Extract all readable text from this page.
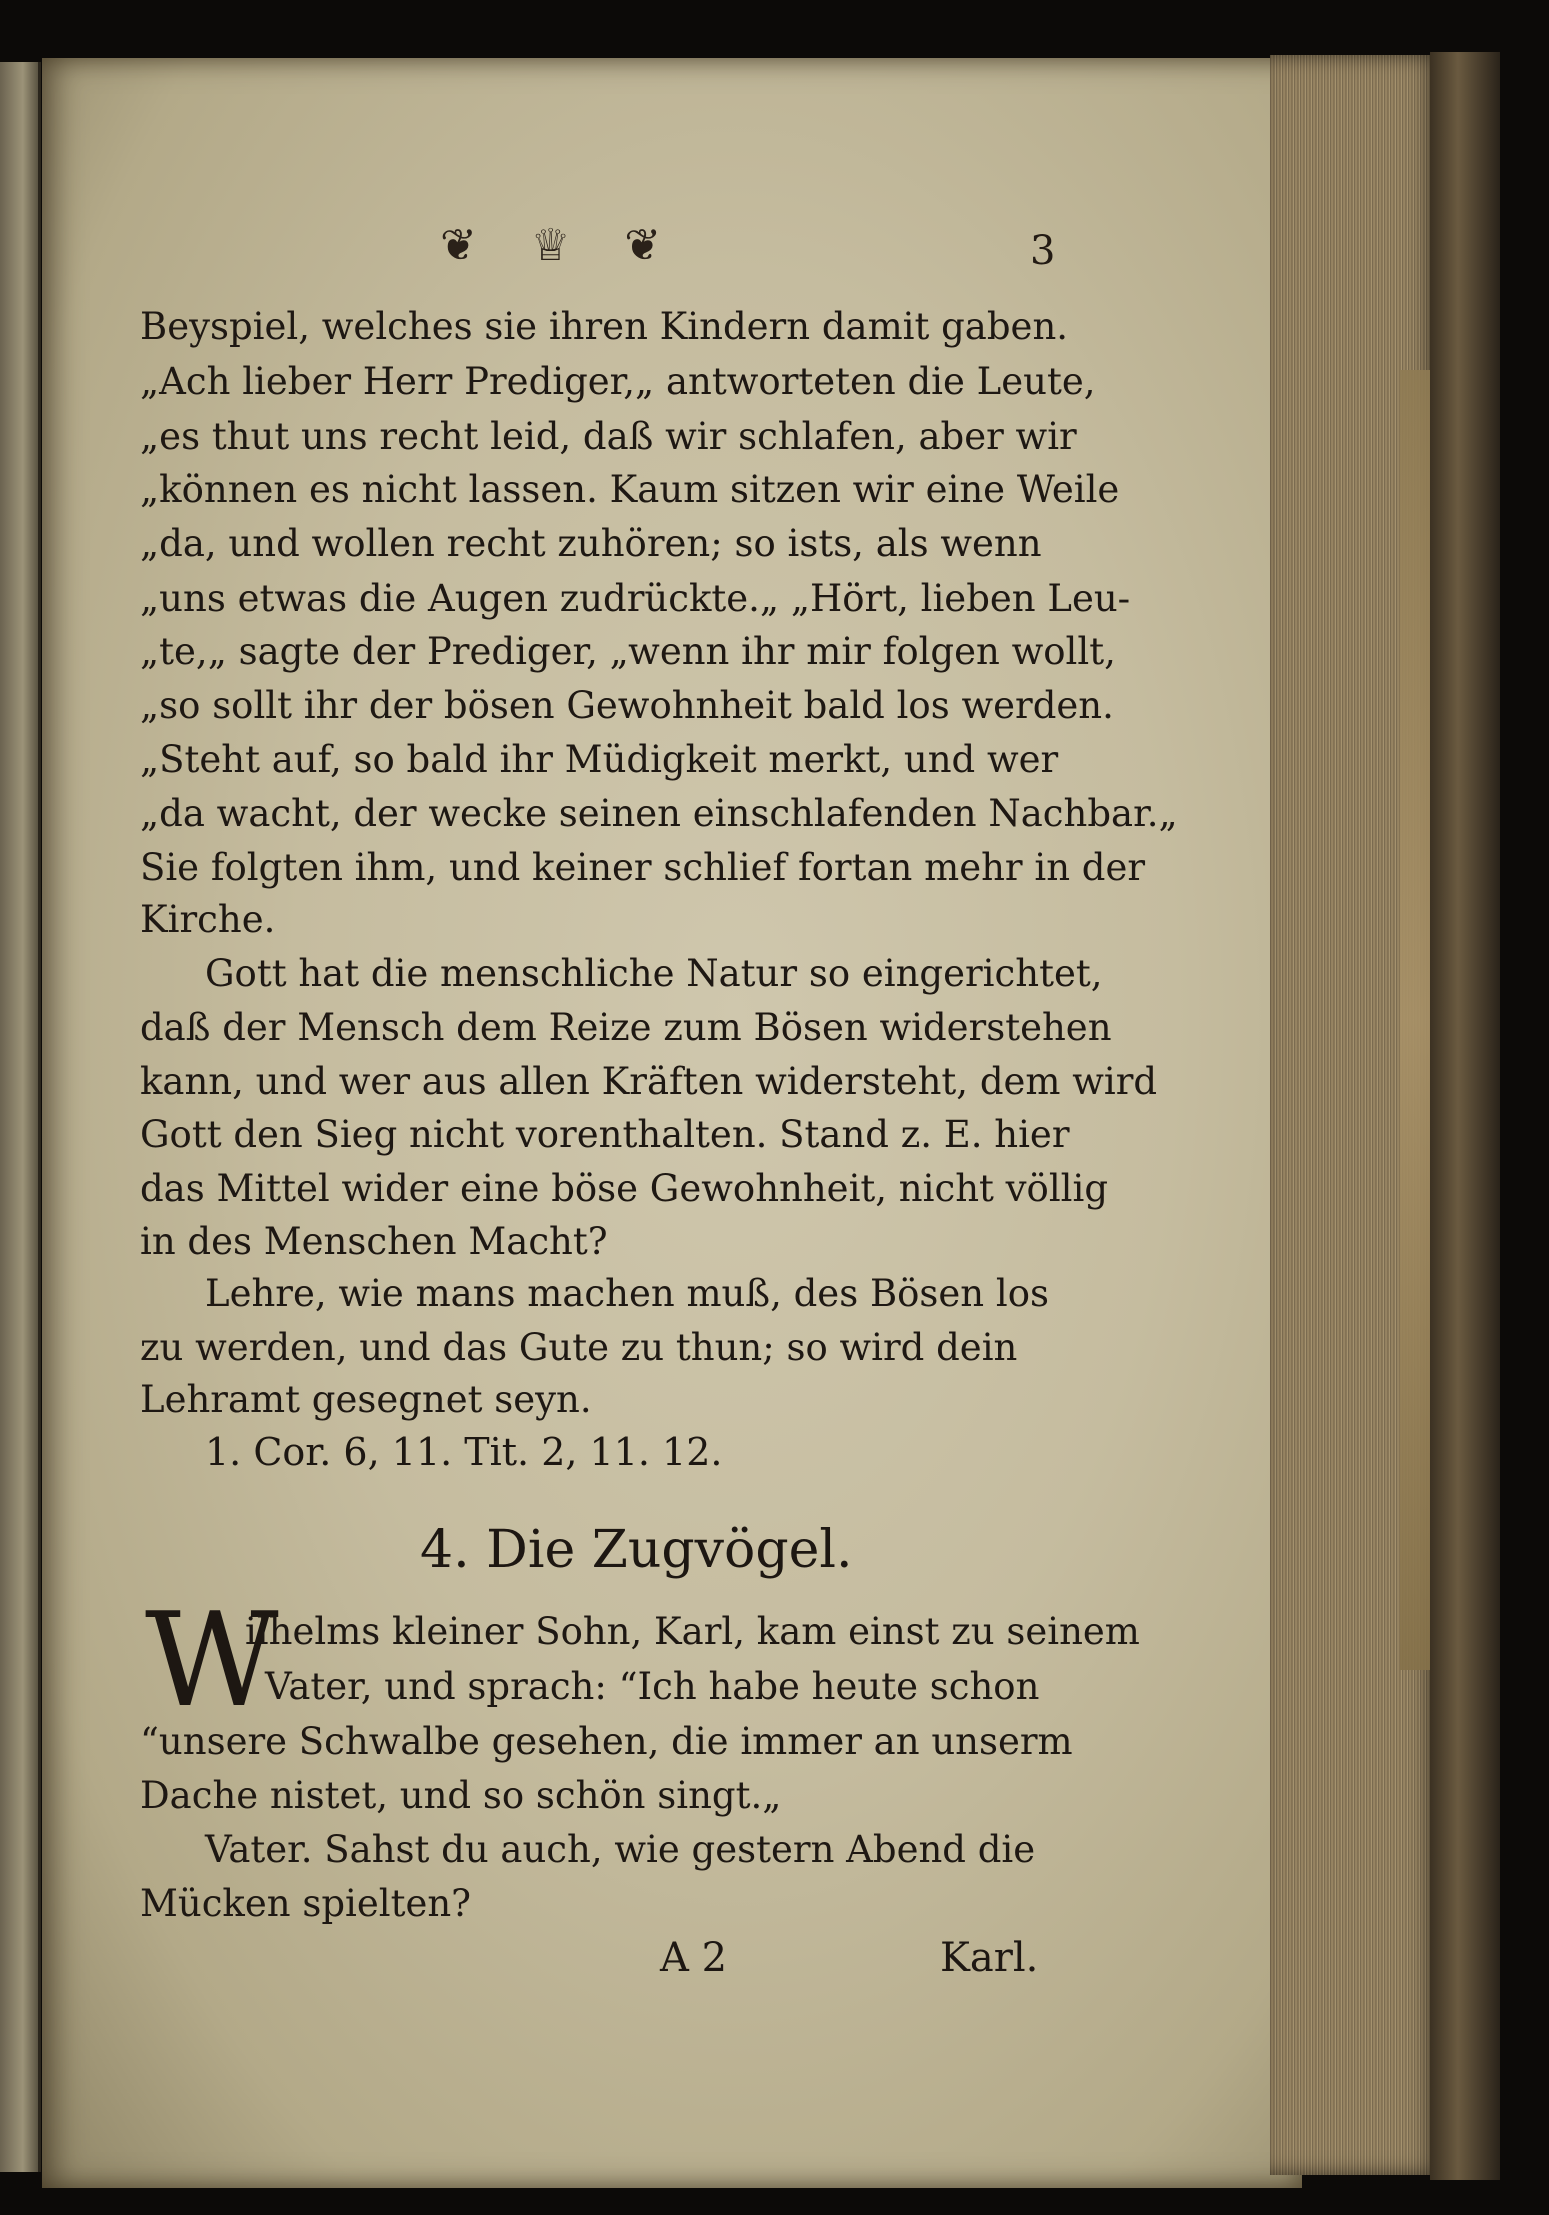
❦ ♕ ❦	3
Beyspiel, welches sie ihren Kindern damit gaben.
„Ach lieber Herr Prediger,„ antworteten die Leute,
„es thut uns recht leid, daß wir schlafen, aber wir
„können es nicht lassen. Kaum sitzen wir eine Weile
„da, und wollen recht zuhören; so ists, als wenn
„uns etwas die Augen zudrückte.„ „Hört, lieben Leu-
„te,„ sagte der Prediger, „wenn ihr mir folgen wollt,
„so sollt ihr der bösen Gewohnheit bald los werden.
„Steht auf, so bald ihr Müdigkeit merkt, und wer
„da wacht, der wecke seinen einschlafenden Nachbar.„
Sie folgten ihm, und keiner schlief fortan mehr in der
Kirche.
Gott hat die menschliche Natur so eingerichtet,
daß der Mensch dem Reize zum Bösen widerstehen
kann, und wer aus allen Kräften widersteht, dem wird
Gott den Sieg nicht vorenthalten. Stand z. E. hier
das Mittel wider eine böse Gewohnheit, nicht völlig
in des Menschen Macht?
Lehre, wie mans machen muß, des Bösen los
zu werden, und das Gute zu thun; so wird dein
Lehramt gesegnet seyn.
1. Cor. 6, 11. Tit. 2, 11. 12.
4. Die Zugvögel.
W
ilhelms kleiner Sohn, Karl, kam einst zu seinem
Vater, und sprach: “Ich habe heute schon
“unsere Schwalbe gesehen, die immer an unserm
Dache nistet, und so schön singt.„
Vater. Sahst du auch, wie gestern Abend die
Mücken spielten?
A 2	Karl.
